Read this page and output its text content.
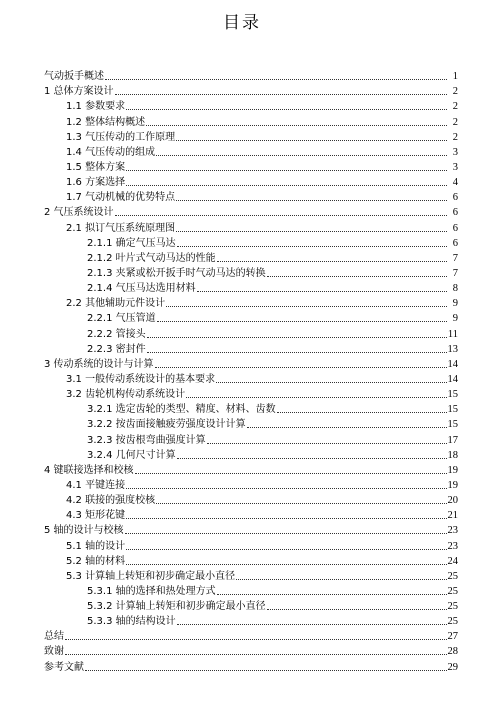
目录
气动扳手概述	1
1 总体方案设计	2
1.1 参数要求	2
1.2 整体结构概述	2
1.3 气压传动的工作原理	2
1.4 气压传动的组成	3
1.5 整体方案	3
1.6 方案选择	4
1.7 气动机械的优势特点	6
2 气压系统设计	6
2.1 拟订气压系统原理图	6
2.1.1 确定气压马达	6
2.1.2 叶片式气动马达的性能	7
2.1.3 夹紧或松开扳手时气动马达的转换	7
2.1.4 气压马达选用材料	8
2.2 其他辅助元件设计	9
2.2.1 气压管道	9
2.2.2 管接头	11
2.2.3 密封件	13
3 传动系统的设计与计算	14
3.1 一般传动系统设计的基本要求	14
3.2 齿轮机构传动系统设计	15
3.2.1 选定齿轮的类型、精度、材料、齿数	15
3.2.2 按齿面接触疲劳强度设计计算	15
3.2.3 按齿根弯曲强度计算	17
3.2.4 几何尺寸计算	18
4 键联接选择和校核	19
4.1 平键连接	19
4.2 联接的强度校核	20
4.3 矩形花键	21
5 轴的设计与校核	23
5.1 轴的设计	23
5.2 轴的材料	24
5.3 计算轴上转矩和初步确定最小直径	25
5.3.1 轴的选择和热处理方式	25
5.3.2 计算轴上转矩和初步确定最小直径	25
5.3.3 轴的结构设计	25
总结	27
致谢	28
参考文献	29
